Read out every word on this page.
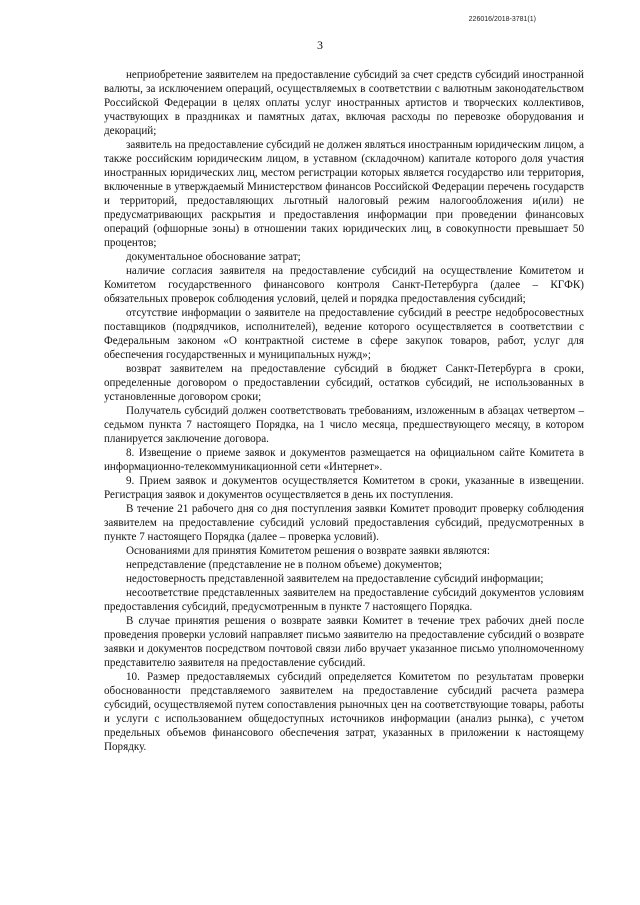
226016/2018-3781(1)
3

неприобретение заявителем на предоставление субсидий за счет средств субсидий иностранной валюты, за исключением операций, осуществляемых в соответствии с валютным законодательством Российской Федерации в целях оплаты услуг иностранных артистов и творческих коллективов, участвующих в праздниках и памятных датах, включая расходы по перевозке оборудования и декораций;

заявитель на предоставление субсидий не должен являться иностранным юридическим лицом, а также российским юридическим лицом, в уставном (складочном) капитале которого доля участия иностранных юридических лиц, местом регистрации которых является государство или территория, включенные в утверждаемый Министерством финансов Российской Федерации перечень государств и территорий, предоставляющих льготный налоговый режим налогообложения и(или) не предусматривающих раскрытия и предоставления информации при проведении финансовых операций (офшорные зоны) в отношении таких юридических лиц, в совокупности превышает 50 процентов;

документальное обоснование затрат;

наличие согласия заявителя на предоставление субсидий на осуществление Комитетом и Комитетом государственного финансового контроля Санкт-Петербурга (далее – КГФК) обязательных проверок соблюдения условий, целей и порядка предоставления субсидий;

отсутствие информации о заявителе на предоставление субсидий в реестре недобросовестных поставщиков (подрядчиков, исполнителей), ведение которого осуществляется в соответствии с Федеральным законом «О контрактной системе в сфере закупок товаров, работ, услуг для обеспечения государственных и муниципальных нужд»;

возврат заявителем на предоставление субсидий в бюджет Санкт-Петербурга в сроки, определенные договором о предоставлении субсидий, остатков субсидий, не использованных в установленные договором сроки;

Получатель субсидий должен соответствовать требованиям, изложенным в абзацах четвертом – седьмом пункта 7 настоящего Порядка, на 1 число месяца, предшествующего месяцу, в котором планируется заключение договора.

8. Извещение о приеме заявок и документов размещается на официальном сайте Комитета в информационно-телекоммуникационной сети «Интернет».

9. Прием заявок и документов осуществляется Комитетом в сроки, указанные в извещении. Регистрация заявок и документов осуществляется в день их поступления.

В течение 21 рабочего дня со дня поступления заявки Комитет проводит проверку соблюдения заявителем на предоставление субсидий условий предоставления субсидий, предусмотренных в пункте 7 настоящего Порядка (далее – проверка условий).

Основаниями для принятия Комитетом решения о возврате заявки являются:

непредставление (представление не в полном объеме) документов;

недостоверность представленной заявителем на предоставление субсидий информации;

несоответствие представленных заявителем на предоставление субсидий документов условиям предоставления субсидий, предусмотренным в пункте 7 настоящего Порядка.

В случае принятия решения о возврате заявки Комитет в течение трех рабочих дней после проведения проверки условий направляет письмо заявителю на предоставление субсидий о возврате заявки и документов посредством почтовой связи либо вручает указанное письмо уполномоченному представителю заявителя на предоставление субсидий.

10. Размер предоставляемых субсидий определяется Комитетом по результатам проверки обоснованности представляемого заявителем на предоставление субсидий расчета размера субсидий, осуществляемой путем сопоставления рыночных цен на соответствующие товары, работы и услуги с использованием общедоступных источников информации (анализ рынка), с учетом предельных объемов финансового обеспечения затрат, указанных в приложении к настоящему Порядку.
